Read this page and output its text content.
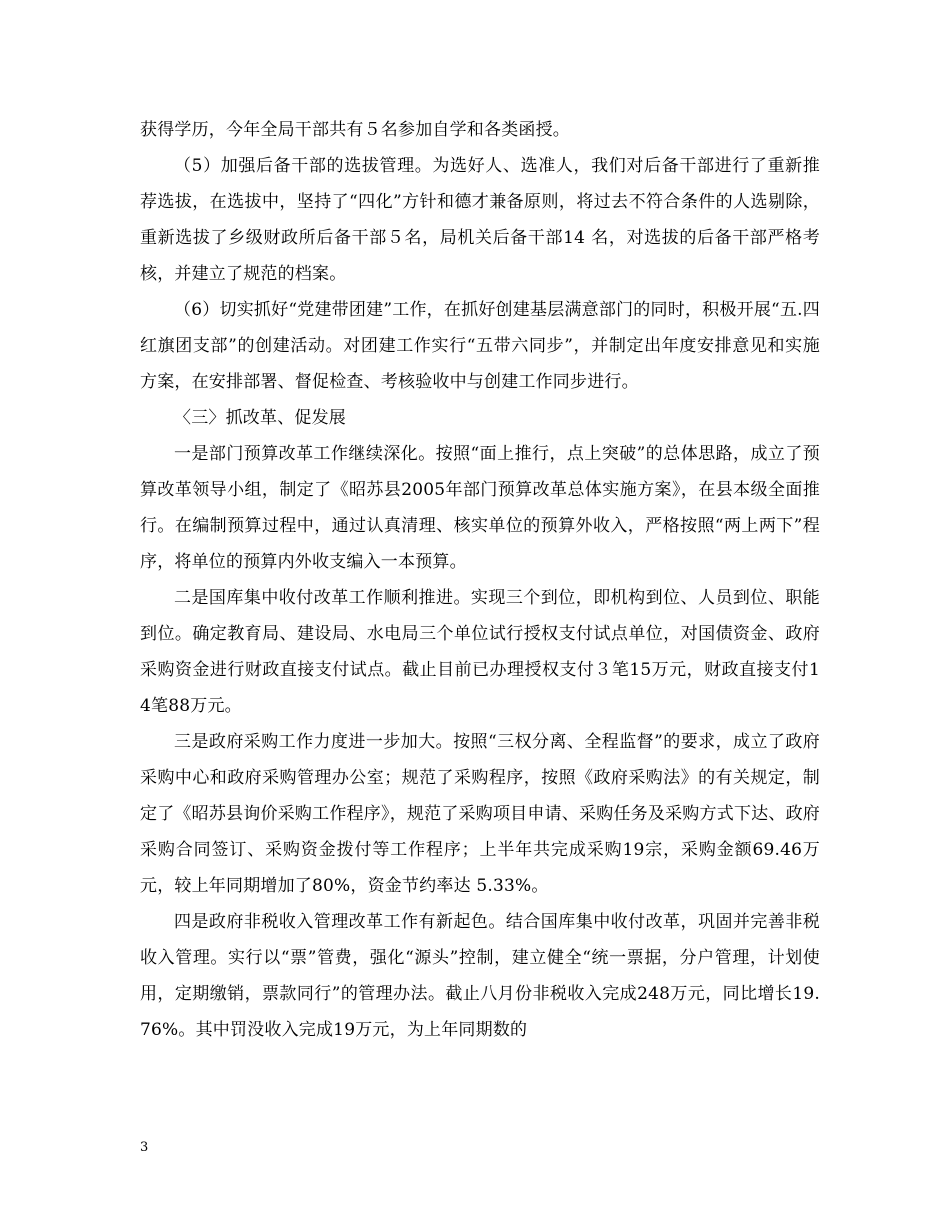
获得学历，今年全局干部共有５名参加自学和各类函授。

（5）加强后备干部的选拔管理。为选好人、选准人，我们对后备干部进行了重新推荐选拔，在选拔中，坚持了“四化”方针和德才兼备原则，将过去不符合条件的人选剔除，重新选拔了乡级财政所后备干部５名，局机关后备干部14 名，对选拔的后备干部严格考核，并建立了规范的档案。

（6）切实抓好“党建带团建”工作，在抓好创建基层满意部门的同时，积极开展“五.四红旗团支部”的创建活动。对团建工作实行“五带六同步”，并制定出年度安排意见和实施方案，在安排部署、督促检查、考核验收中与创建工作同步进行。

〈三〉抓改革、促发展

一是部门预算改革工作继续深化。按照“面上推行，点上突破”的总体思路，成立了预算改革领导小组，制定了《昭苏县2005年部门预算改革总体实施方案》，在县本级全面推行。在编制预算过程中，通过认真清理、核实单位的预算外收入，严格按照“两上两下”程序，将单位的预算内外收支编入一本预算。

二是国库集中收付改革工作顺利推进。实现三个到位，即机构到位、人员到位、职能到位。确定教育局、建设局、水电局三个单位试行授权支付试点单位，对国债资金、政府采购资金进行财政直接支付试点。截止目前已办理授权支付３笔15万元，财政直接支付14笔88万元。

三是政府采购工作力度进一步加大。按照“三权分离、全程监督”的要求，成立了政府采购中心和政府采购管理办公室；规范了采购程序，按照《政府采购法》的有关规定，制定了《昭苏县询价采购工作程序》，规范了采购项目申请、采购任务及采购方式下达、政府采购合同签订、采购资金拨付等工作程序；上半年共完成采购19宗，采购金额69.46万元，较上年同期增加了80%，资金节约率达 5.33%。

四是政府非税收入管理改革工作有新起色。结合国库集中收付改革，巩固并完善非税收入管理。实行以“票”管费，强化“源头”控制，建立健全“统一票据，分户管理，计划使用，定期缴销，票款同行”的管理办法。截止八月份非税收入完成248万元，同比增长19.76%。其中罚没收入完成19万元，为上年同期数的

3
